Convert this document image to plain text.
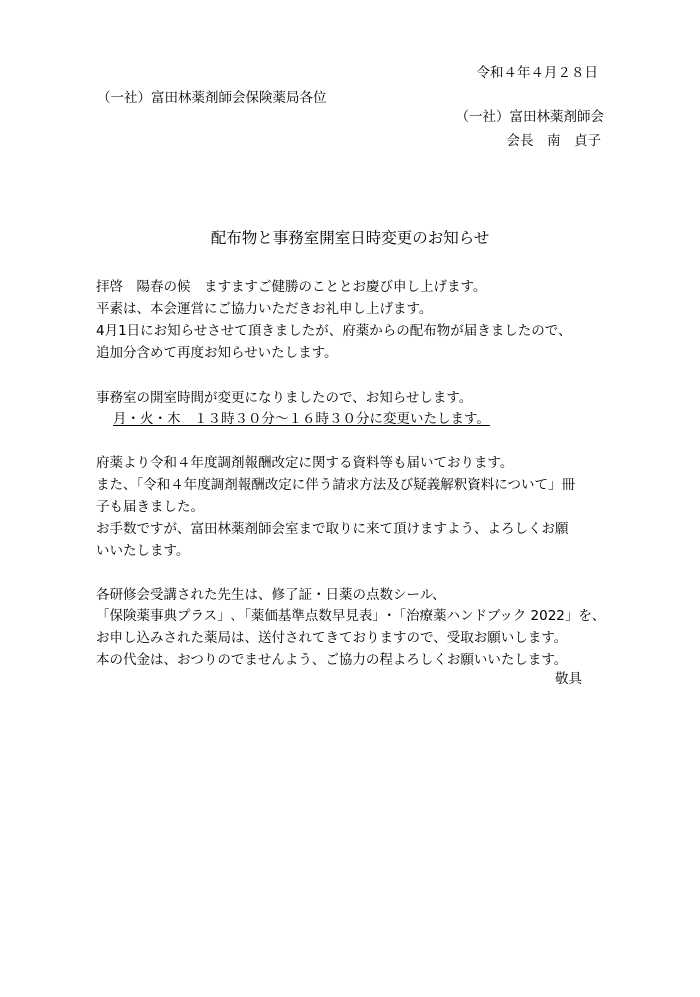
令和４年４月２８日
（一社）富田林薬剤師会保険薬局各位
（一社）富田林薬剤師会
会長　南　貞子
配布物と事務室開室日時変更のお知らせ
拝啓　陽春の候　ますますご健勝のこととお慶び申し上げます。
平素は、本会運営にご協力いただきお礼申し上げます。
4月1日にお知らせさせて頂きましたが、府薬からの配布物が届きましたので、
追加分含めて再度お知らせいたします。
事務室の開室時間が変更になりましたので、お知らせします。
月・火・木　１３時３０分～１６時３０分に変更いたします。
府薬より令和４年度調剤報酬改定に関する資料等も届いております。
また、「令和４年度調剤報酬改定に伴う請求方法及び疑義解釈資料について」冊
子も届きました。
お手数ですが、富田林薬剤師会室まで取りに来て頂けますよう、よろしくお願
いいたします。
各研修会受講された先生は、修了証・日薬の点数シール、
「保険薬事典プラス」､「薬価基準点数早見表」･「治療薬ハンドブック 2022」を、
お申し込みされた薬局は、送付されてきておりますので、受取お願いします。
本の代金は、おつりのでませんよう、ご協力の程よろしくお願いいたします。
敬具
